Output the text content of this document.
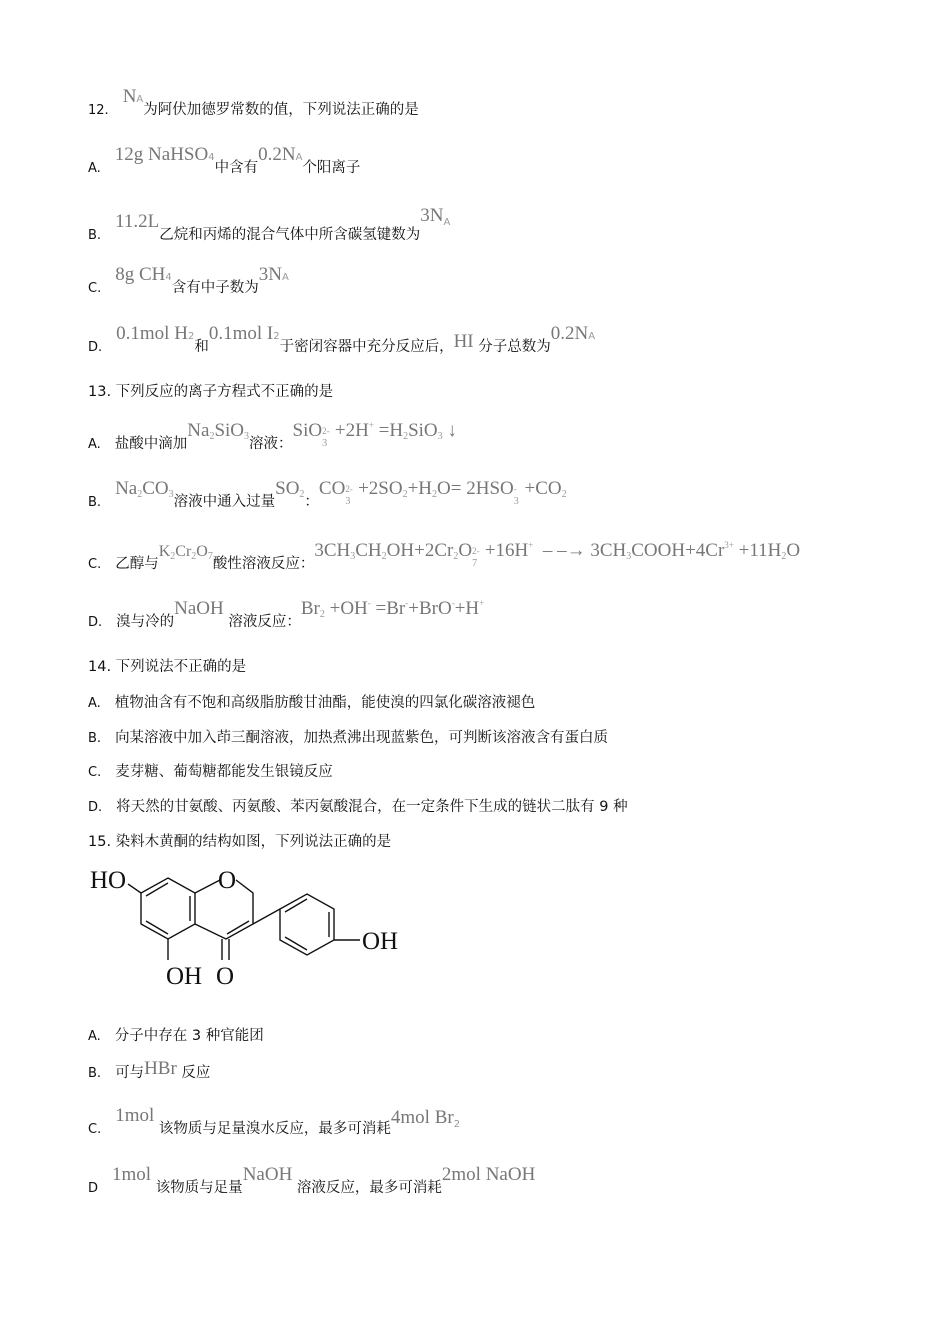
$12.N^A$为阿伏加德罗常数的值，下列说法正确的是
A.12g NaHSO$^4$中含有$0.2N^A$个阳离子
B.11.2L乙烷和丙烯的混合气体中所含碳氢键数为$3N^A$
C.8g $CH^4$含有中子数为$3N^A$
D.0.1mol $H^2$和0.1mol $I^2$于密闭容器中充分反应后，HI 分子总数为$0.2N^A$
13. 下列反应的离子方程式不正确的是
A. 盐酸中滴加$Na_2SiO_3$溶液：SiO 2-
3
$+2H^+ =H_2SiO_3$ ↓
$B.Na_2CO_3$溶液中通入过量$SO_2$：CO 2-
3
$+2SO_2+H_2O= 2HSO$ -
3
$+CO_2$
C. 乙醇与$K_2Cr_2O_7$酸性溶液反应：$3CH_3CH_2OH+2Cr_2O$ 2-
7
+16H+  – –→ $3CH_3COOH+4Cr^{3+} +11H_2O$
D. 溴与冷的NaOH 溶液反应：$Br_2 +OH^- =Br^-+BrO^-+H^+$
14. 下列说法不正确的是
A. 植物油含有不饱和高级脂肪酸甘油酯，能使溴的四氯化碳溶液褪色
B. 向某溶液中加入茚三酮溶液，加热煮沸出现蓝紫色，可判断该溶液含有蛋白质
C. 麦芽糖、葡萄糖都能发生银镜反应
D. 将天然的甘氨酸、丙氨酸、苯丙氨酸混合，在一定条件下生成的链状二肽有 9 种
15. 染料木黄酮的结构如图，下列说法正确的是
HO	O
OH
OH O
A. 分子中存在 3 种官能团
B. 可与HBr 反应
C.1mol 该物质与足量溴水反应，最多可消耗4mol Br$^2$
D1mol 该物质与足量NaOH 溶液反应，最多可消耗2mol NaOH
